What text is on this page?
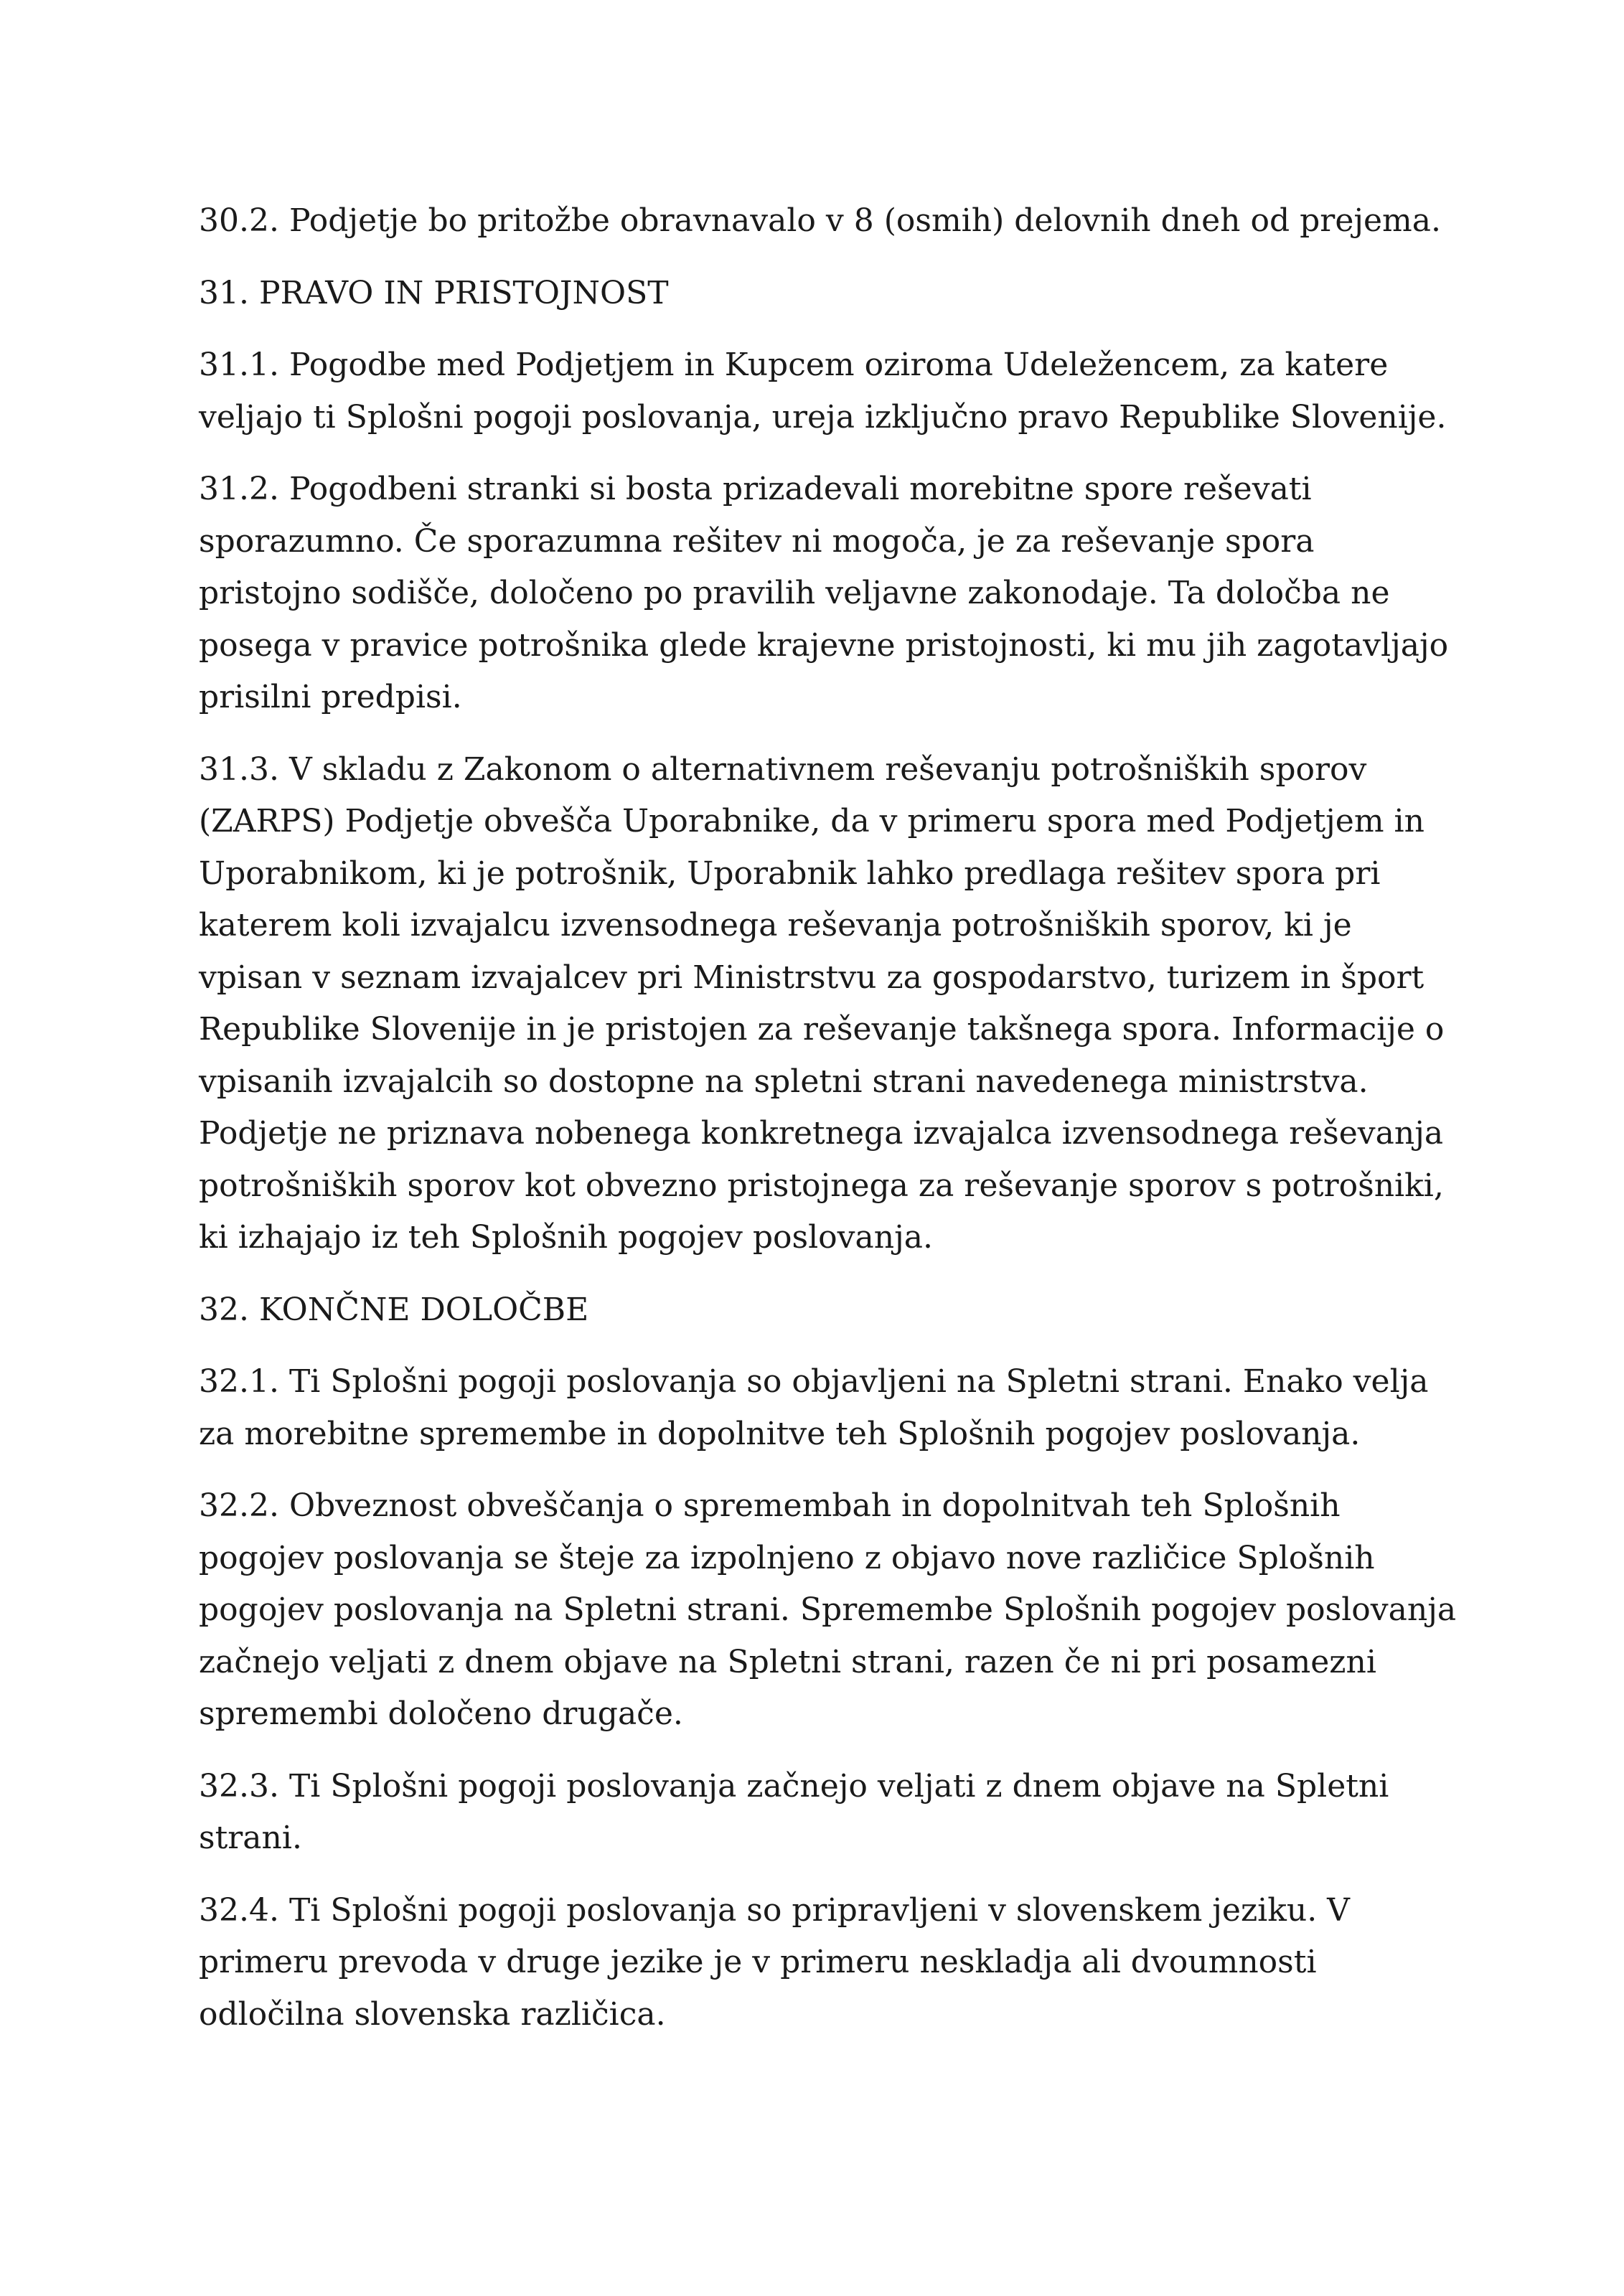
30.2. Podjetje bo pritožbe obravnavalo v 8 (osmih) delovnih dneh od prejema.

31. PRAVO IN PRISTOJNOST

31.1. Pogodbe med Podjetjem in Kupcem oziroma Udeležencem, za katere veljajo ti Splošni pogoji poslovanja, ureja izključno pravo Republike Slovenije.

31.2. Pogodbeni stranki si bosta prizadevali morebitne spore reševati sporazumno. Če sporazumna rešitev ni mogoča, je za reševanje spora pristojno sodišče, določeno po pravilih veljavne zakonodaje. Ta določba ne posega v pravice potrošnika glede krajevne pristojnosti, ki mu jih zagotavljajo prisilni predpisi.

31.3. V skladu z Zakonom o alternativnem reševanju potrošniških sporov (ZARPS) Podjetje obvešča Uporabnike, da v primeru spora med Podjetjem in Uporabnikom, ki je potrošnik, Uporabnik lahko predlaga rešitev spora pri katerem koli izvajalcu izvensodnega reševanja potrošniških sporov, ki je vpisan v seznam izvajalcev pri Ministrstvu za gospodarstvo, turizem in šport Republike Slovenije in je pristojen za reševanje takšnega spora. Informacije o vpisanih izvajalcih so dostopne na spletni strani navedenega ministrstva. Podjetje ne priznava nobenega konkretnega izvajalca izvensodnega reševanja potrošniških sporov kot obvezno pristojnega za reševanje sporov s potrošniki, ki izhajajo iz teh Splošnih pogojev poslovanja.

32. KONČNE DOLOČBE

32.1. Ti Splošni pogoji poslovanja so objavljeni na Spletni strani. Enako velja za morebitne spremembe in dopolnitve teh Splošnih pogojev poslovanja.

32.2. Obveznost obveščanja o spremembah in dopolnitvah teh Splošnih pogojev poslovanja se šteje za izpolnjeno z objavo nove različice Splošnih pogojev poslovanja na Spletni strani. Spremembe Splošnih pogojev poslovanja začnejo veljati z dnem objave na Spletni strani, razen če ni pri posamezni spremembi določeno drugače.

32.3. Ti Splošni pogoji poslovanja začnejo veljati z dnem objave na Spletni strani.

32.4. Ti Splošni pogoji poslovanja so pripravljeni v slovenskem jeziku. V primeru prevoda v druge jezike je v primeru neskladja ali dvoumnosti odločilna slovenska različica.
